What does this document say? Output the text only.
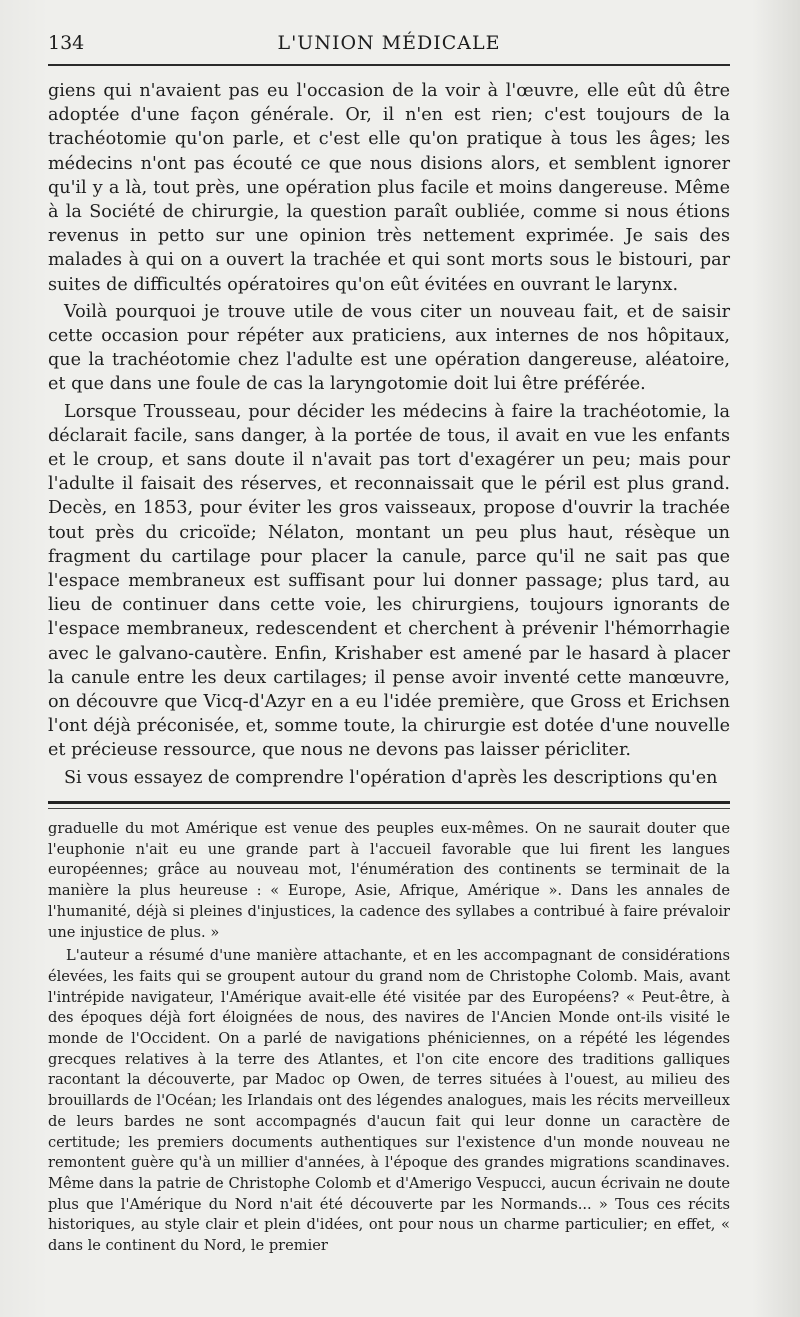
134	L'UNION MÉDICALE

giens qui n'avaient pas eu l'occasion de la voir à l'œuvre, elle eût dû être adoptée d'une façon générale. Or, il n'en est rien; c'est toujours de la trachéotomie qu'on parle, et c'est elle qu'on pratique à tous les âges; les médecins n'ont pas écouté ce que nous disions alors, et semblent ignorer qu'il y a là, tout près, une opération plus facile et moins dangereuse. Même à la Société de chirurgie, la question paraît oubliée, comme si nous étions revenus in petto sur une opinion très nettement exprimée. Je sais des malades à qui on a ouvert la trachée et qui sont morts sous le bistouri, par suites de difficultés opératoires qu'on eût évitées en ouvrant le larynx.

Voilà pourquoi je trouve utile de vous citer un nouveau fait, et de saisir cette occasion pour répéter aux praticiens, aux internes de nos hôpitaux, que la trachéotomie chez l'adulte est une opération dangereuse, aléatoire, et que dans une foule de cas la laryngotomie doit lui être préférée.

Lorsque Trousseau, pour décider les médecins à faire la trachéotomie, la déclarait facile, sans danger, à la portée de tous, il avait en vue les enfants et le croup, et sans doute il n'avait pas tort d'exagérer un peu; mais pour l'adulte il faisait des réserves, et reconnaissait que le péril est plus grand. Decès, en 1853, pour éviter les gros vaisseaux, propose d'ouvrir la trachée tout près du cricoïde; Nélaton, montant un peu plus haut, résèque un fragment du cartilage pour placer la canule, parce qu'il ne sait pas que l'espace membraneux est suffisant pour lui donner passage; plus tard, au lieu de continuer dans cette voie, les chirurgiens, toujours ignorants de l'espace membraneux, redescendent et cherchent à prévenir l'hémorrhagie avec le galvano-cautère. Enfin, Krishaber est amené par le hasard à placer la canule entre les deux cartilages; il pense avoir inventé cette manœuvre, on découvre que Vicq-d'Azyr en a eu l'idée première, que Gross et Erichsen l'ont déjà préconisée, et, somme toute, la chirurgie est dotée d'une nouvelle et précieuse ressource, que nous ne devons pas laisser péricliter.

Si vous essayez de comprendre l'opération d'après les descriptions qu'en

graduelle du mot Amérique est venue des peuples eux-mêmes. On ne saurait douter que l'euphonie n'ait eu une grande part à l'accueil favorable que lui firent les langues européennes; grâce au nouveau mot, l'énumération des continents se terminait de la manière la plus heureuse : « Europe, Asie, Afrique, Amérique ». Dans les annales de l'humanité, déjà si pleines d'injustices, la cadence des syllabes a contribué à faire prévaloir une injustice de plus. »

L'auteur a résumé d'une manière attachante, et en les accompagnant de considérations élevées, les faits qui se groupent autour du grand nom de Christophe Colomb. Mais, avant l'intrépide navigateur, l'Amérique avait-elle été visitée par des Européens? « Peut-être, à des époques déjà fort éloignées de nous, des navires de l'Ancien Monde ont-ils visité le monde de l'Occident. On a parlé de navigations phéniciennes, on a répété les légendes grecques relatives à la terre des Atlantes, et l'on cite encore des traditions galliques racontant la découverte, par Madoc op Owen, de terres situées à l'ouest, au milieu des brouillards de l'Océan; les Irlandais ont des légendes analogues, mais les récits merveilleux de leurs bardes ne sont accompagnés d'aucun fait qui leur donne un caractère de certitude; les premiers documents authentiques sur l'existence d'un monde nouveau ne remontent guère qu'à un millier d'années, à l'époque des grandes migrations scandinaves. Même dans la patrie de Christophe Colomb et d'Amerigo Vespucci, aucun écrivain ne doute plus que l'Amérique du Nord n'ait été découverte par les Normands... » Tous ces récits historiques, au style clair et plein d'idées, ont pour nous un charme particulier; en effet, « dans le continent du Nord, le premier
